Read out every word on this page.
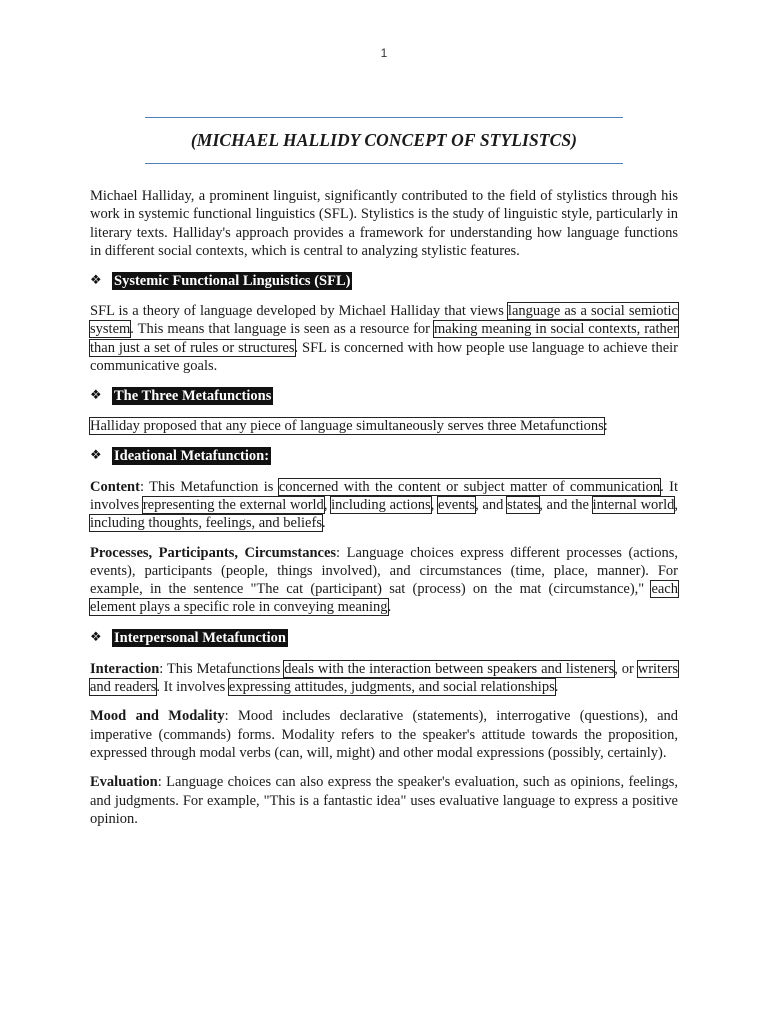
1
(MICHAEL HALLIDY CONCEPT OF STYLISTCS)

Michael Halliday, a prominent linguist, significantly contributed to the field of stylistics through his work in systemic functional linguistics (SFL). Stylistics is the study of linguistic style, particularly in literary texts. Halliday's approach provides a framework for understanding how language functions in different social contexts, which is central to analyzing stylistic features.

❖ Systemic Functional Linguistics (SFL)

SFL is a theory of language developed by Michael Halliday that views language as a social semiotic system. This means that language is seen as a resource for making meaning in social contexts, rather than just a set of rules or structures. SFL is concerned with how people use language to achieve their communicative goals.

❖ The Three Metafunctions

Halliday proposed that any piece of language simultaneously serves three Metafunctions:

❖ Ideational Metafunction:

Content: This Metafunction is concerned with the content or subject matter of communication. It involves representing the external world, including actions, events, and states, and the internal world, including thoughts, feelings, and beliefs.

Processes, Participants, Circumstances: Language choices express different processes (actions, events), participants (people, things involved), and circumstances (time, place, manner). For example, in the sentence "The cat (participant) sat (process) on the mat (circumstance)," each element plays a specific role in conveying meaning.

❖ Interpersonal Metafunction

Interaction: This Metafunctions deals with the interaction between speakers and listeners, or writers and readers. It involves expressing attitudes, judgments, and social relationships.

Mood and Modality: Mood includes declarative (statements), interrogative (questions), and imperative (commands) forms. Modality refers to the speaker's attitude towards the proposition, expressed through modal verbs (can, will, might) and other modal expressions (possibly, certainly).

Evaluation: Language choices can also express the speaker's evaluation, such as opinions, feelings, and judgments. For example, "This is a fantastic idea" uses evaluative language to express a positive opinion.
